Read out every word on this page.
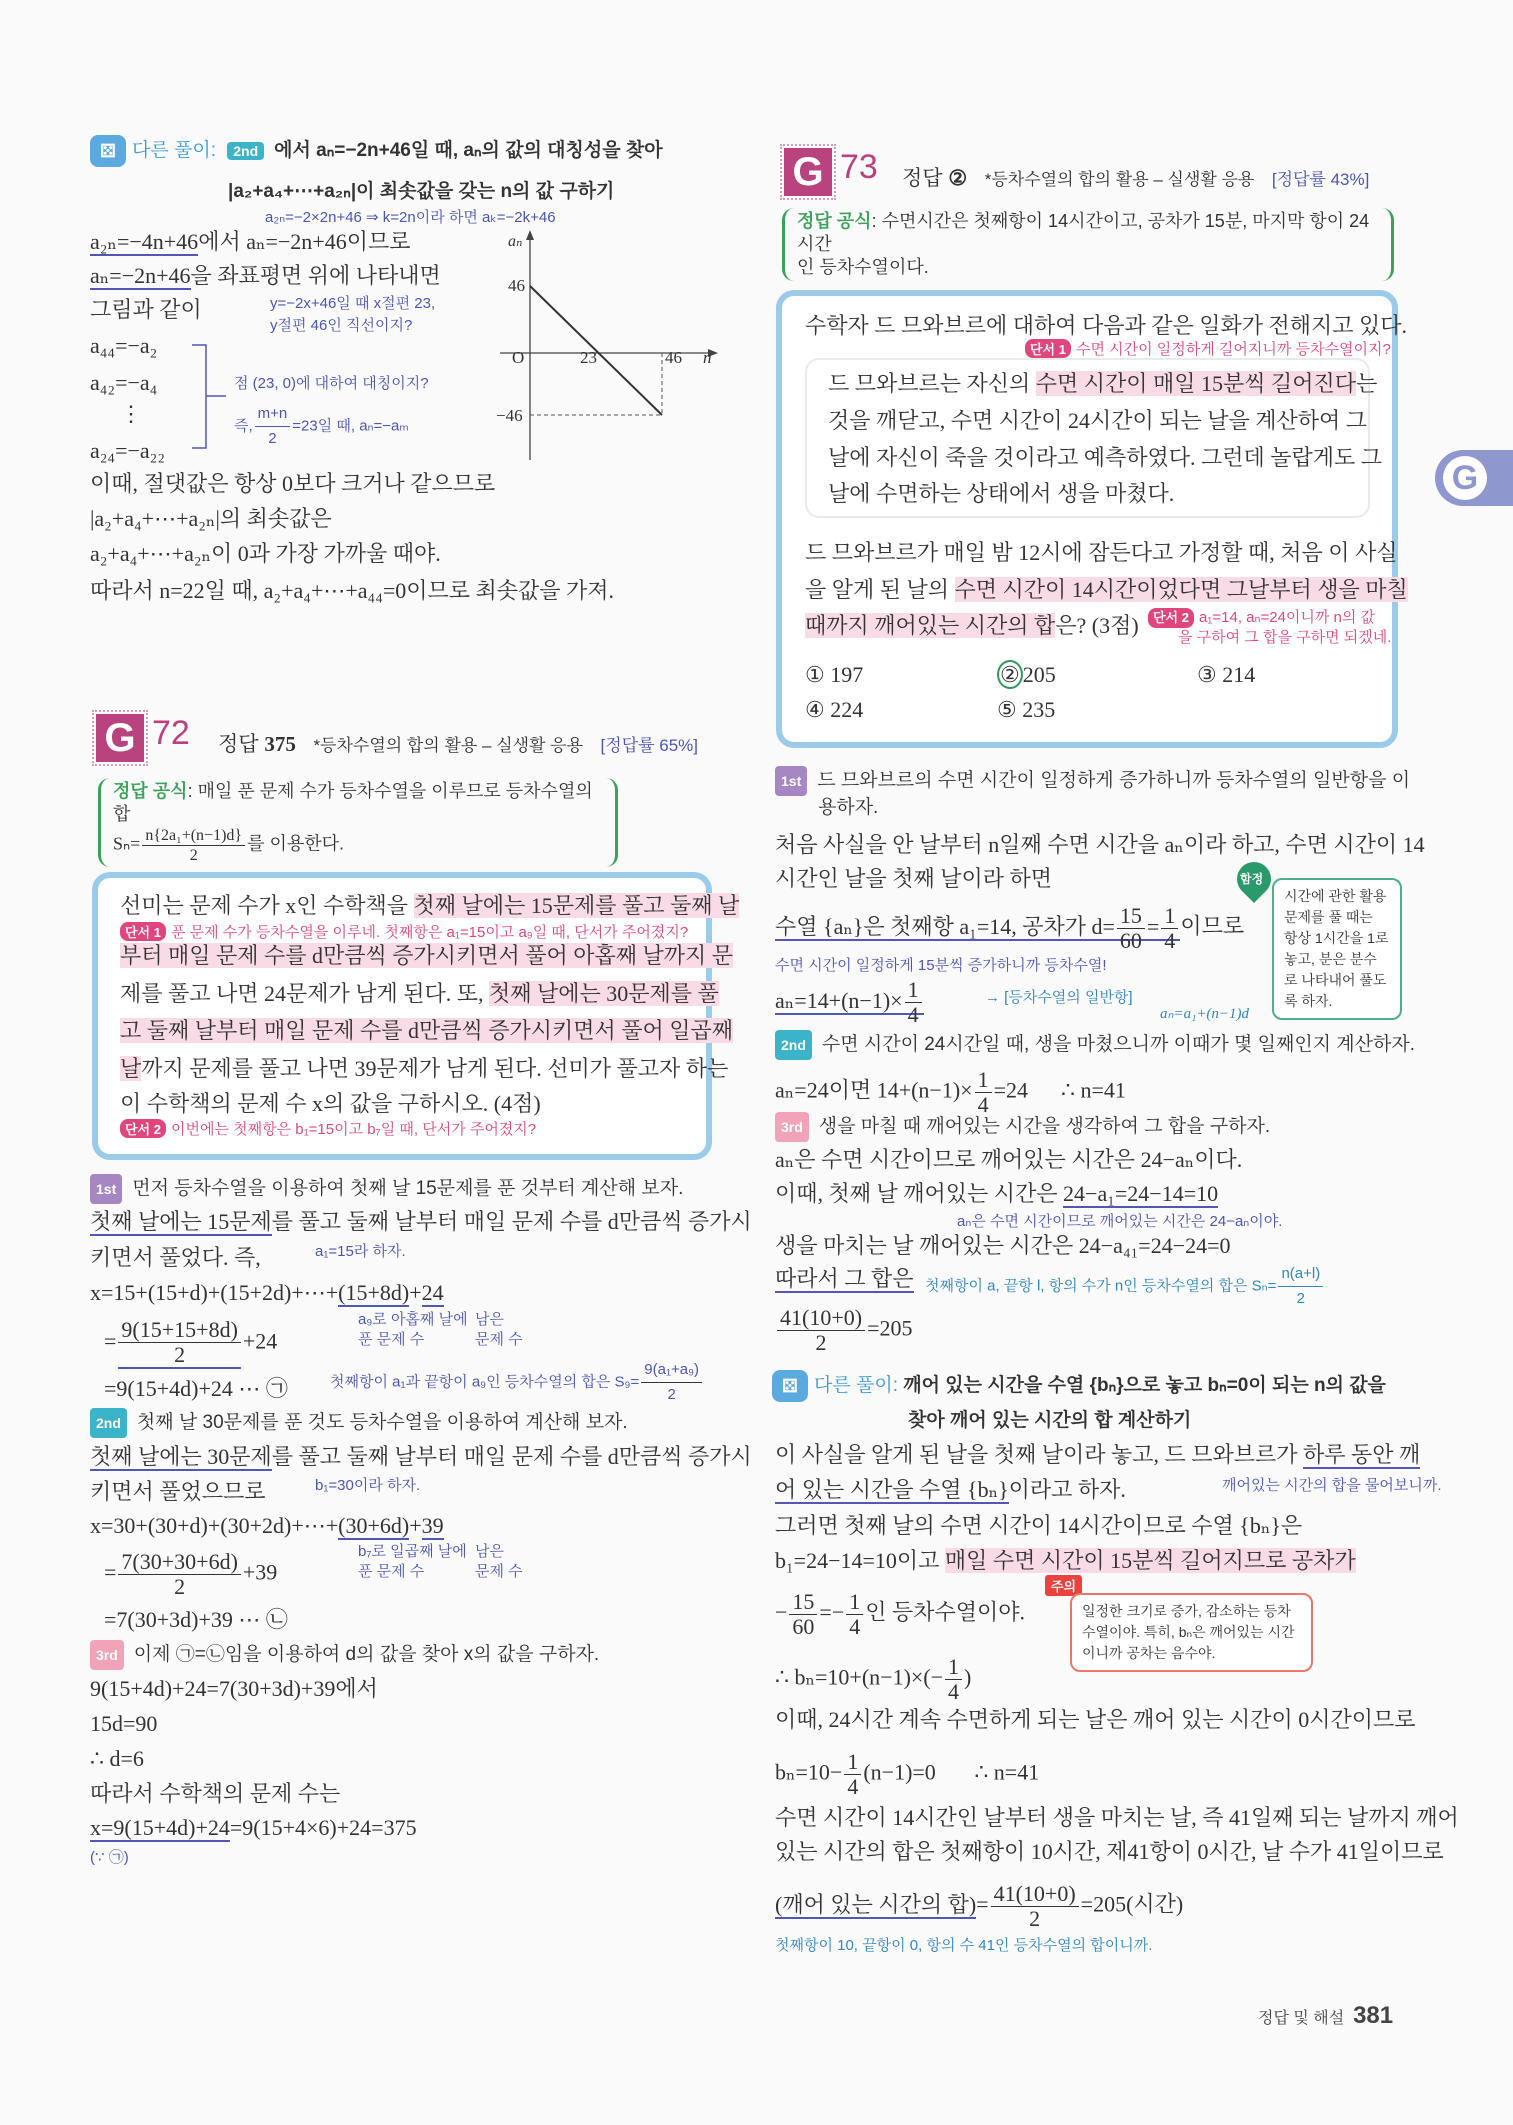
⚄ 다른 풀이: 2nd 에서 aₙ=−2n+46일 때, aₙ의 값의 대칭성을 찾아
|a₂+a₄+⋯+a₂ₙ|이 최솟값을 갖는 n의 값 구하기
a₂ₙ=−2×2n+46 ⇒ k=2n이라 하면 aₖ=−2k+46
a₂ₙ=−4n+46에서 aₙ=−2n+46이므로
aₙ=−2n+46을 좌표평면 위에 나타내면
그림과 같이	y=−2x+46일 때 x절편 23,
y절편 46인 직선이지?
a₄₄=−a₂
a₄₂=−a₄
⋮
a₂₄=−a₂₂
점 (23, 0)에 대하여 대칭이지?
즉, $\frac{m+n}{2} =23$일 때, aₙ=−aₘ
aₙ
46
O	23	46 n
−46
이때, 절댓값은 항상 0보다 크거나 같으므로
|a₂+a₄+⋯+a₂ₙ|의 최솟값은
a₂+a₄+⋯+a₂ₙ이 0과 가장 가까울 때야.
따라서 n=22일 때, a₂+a₄+⋯+a₄₄=0이므로 최솟값을 가져.
G 72 정답 375 *등차수열의 합의 활용 – 실생활 응용 [정답률 65%]
정답 공식: 매일 푼 문제 수가 등차수열을 이루므로 등차수열의 합
$S_n= \frac{\text{n\{2a₁+(n−1)d\}}}{2}$ 를 이용한다.
선미는 문제 수가 x인 수학책을 첫째 날에는 15문제를 풀고 둘째 날
단서 1 푼 문제 수가 등차수열을 이루네. 첫째항은 a₁=15이고 a₉일 때, 단서가 주어졌지?
부터 매일 문제 수를 d만큼씩 증가시키면서 풀어 아홉째 날까지 문
제를 풀고 나면 24문제가 남게 된다. 또, 첫째 날에는 30문제를 풀
고 둘째 날부터 매일 문제 수를 d만큼씩 증가시키면서 풀어 일곱째
날까지 문제를 풀고 나면 39문제가 남게 된다. 선미가 풀고자 하는
이 수학책의 문제 수 x의 값을 구하시오. (4점)
단서 2 이번에는 첫째항은 b₁=15이고 b₇일 때, 단서가 주어졌지?
1st 먼저 등차수열을 이용하여 첫째 날 15문제를 푼 것부터 계산해 보자.
첫째 날에는 15문제를 풀고 둘째 날부터 매일 문제 수를 d만큼씩 증가시
키면서 풀었다. 즉,	a₁=15라 하자.
x=15+(15+d)+(15+2d)+⋯+(15+8d)+24
a₉로 아홉째 날에
푼 문제 수
남은
문제 수
= $\frac{9(15+15+8d)}{2} +24$
첫째항이 a₁과 끝항이 a₉인 등차수열의 합은 $S_9= \frac{\text{9(a₁+a₉)}}{2}$
=9(15+4d)+24 ⋯ ㉠
2nd 첫째 날 30문제를 푼 것도 등차수열을 이용하여 계산해 보자.
첫째 날에는 30문제를 풀고 둘째 날부터 매일 문제 수를 d만큼씩 증가시
키면서 풀었으므로	b₁=30이라 하자.
x=30+(30+d)+(30+2d)+⋯+(30+6d)+39
b₇로 일곱째 날에
푼 문제 수
남은
문제 수
= $\frac{7(30+30+6d)}{2} +39$
=7(30+3d)+39 ⋯ ㉡
3rd 이제 ㉠=㉡임을 이용하여 d의 값을 찾아 x의 값을 구하자.
9(15+4d)+24=7(30+3d)+39에서
15d=90
∴ d=6
따라서 수학책의 문제 수는
x=9(15+4d)+24=9(15+4×6)+24=375
(∵ ㉠)
G 73 정답 ② *등차수열의 합의 활용 – 실생활 응용 [정답률 43%]
정답 공식: 수면시간은 첫째항이 14시간이고, 공차가 15분, 마지막 항이 24시간
인 등차수열이다.
수학자 드 므와브르에 대하여 다음과 같은 일화가 전해지고 있다.
단서 1 수면 시간이 일정하게 길어지니까 등차수열이지?
드 므와브르는 자신의 수면 시간이 매일 15분씩 길어진다는
것을 깨닫고, 수면 시간이 24시간이 되는 날을 계산하여 그
날에 자신이 죽을 것이라고 예측하였다. 그런데 놀랍게도 그
날에 수면하는 상태에서 생을 마쳤다.
드 므와브르가 매일 밤 12시에 잠든다고 가정할 때, 처음 이 사실
을 알게 된 날의 수면 시간이 14시간이었다면 그날부터 생을 마칠
때까지 깨어있는 시간의 합은? (3점)	단서 2 a₁=14, aₙ=24이니까 n의 값
을 구하여 그 합을 구하면 되겠네.
① 197	② 205	③ 214
④ 224	⑤ 235
1st 드 므와브르의 수면 시간이 일정하게 증가하니까 등차수열의 일반항을 이
용하자.
처음 사실을 안 날부터 n일째 수면 시간을 aₙ이라 하고, 수면 시간이 14
시간인 날을 첫째 날이라 하면
수열 {aₙ}은 첫째항 a₁=14, 공차가 $d= \frac{15}{60} = \frac{1}{4}$ 이므로
수면 시간이 일정하게 15분씩 증가하니까 등차수열!
$a_n=14+(n-1)\times \frac{1}{4}$	→ [등차수열의 일반항]
aₙ=a₁+(n−1)d
함정
시간에 관한 활용 문제를 풀 때는 항상 1시간을 1로 놓고, 분은 분수로 나타내어 풀도록 하자.
2nd 수면 시간이 24시간일 때, 생을 마쳤으니까 이때가 몇 일째인지 계산하자.
aₙ=24이면 $14+(n-1)\times \frac{1}{4} =24$ ∴ n=41
3rd 생을 마칠 때 깨어있는 시간을 생각하여 그 합을 구하자.
aₙ은 수면 시간이므로 깨어있는 시간은 24−aₙ이다.
이때, 첫째 날 깨어있는 시간은 24−a₁=24−14=10
aₙ은 수면 시간이므로 깨어있는 시간은 24−aₙ이야.
생을 마치는 날 깨어있는 시간은 24−a₄₁=24−24=0
따라서 그 합은 첫째항이 a, 끝항 l, 항의 수가 n인 등차수열의 합은 $S_n= \frac{n(a+l)}{2}$
$\frac{41(10+0)}{2} =205$
⚄ 다른 풀이: 깨어 있는 시간을 수열 {bₙ}으로 놓고 bₙ=0이 되는 n의 값을
찾아 깨어 있는 시간의 합 계산하기
이 사실을 알게 된 날을 첫째 날이라 놓고, 드 므와브르가 하루 동안 깨
깨어있는 시간의 합을 물어보니까.
어 있는 시간을 수열 {bₙ}이라고 하자.
그러면 첫째 날의 수면 시간이 14시간이므로 수열 {bₙ}은
b₁=24−14=10이고 매일 수면 시간이 15분씩 길어지므로 공차가
− $\frac{15}{60} =- \frac{1}{4}$ 인 등차수열이야.
주의
일정한 크기로 증가, 감소하는 등차수열이야. 특히, bₙ은 깨어있는 시간이니까 공차는 음수야.
∴ $b_n=10+(n-1)\times(- \frac{1}{4}$ )
이때, 24시간 계속 수면하게 되는 날은 깨어 있는 시간이 0시간이므로
$b_n=10- \frac{1}{4} (n-1)=0$ ∴ n=41
수면 시간이 14시간인 날부터 생을 마치는 날, 즉 41일째 되는 날까지 깨어
있는 시간의 합은 첫째항이 10시간, 제41항이 0시간, 날 수가 41일이므로
(깨어 있는 시간의 합)= $\frac{41(10+0)}{2} =205$(시간)
첫째항이 10, 끝항이 0, 항의 수 41인 등차수열의 합이니까.
G
정답 및 해설 381
